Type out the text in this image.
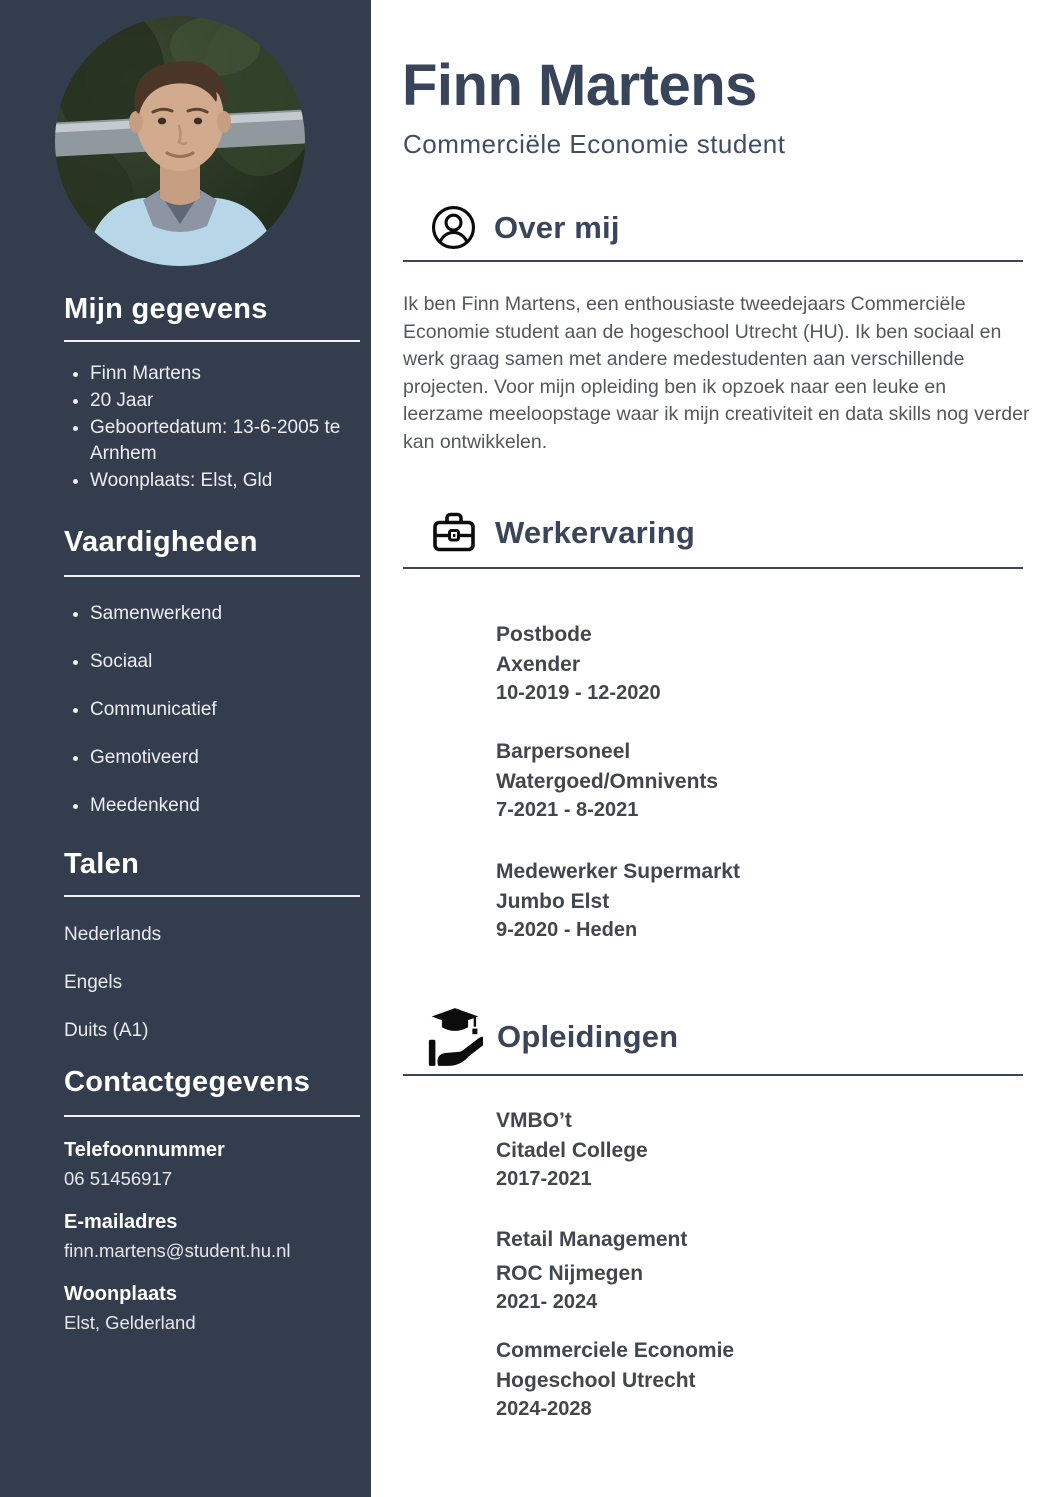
Mijn gegevens
• Finn Martens
• 20 Jaar
• Geboortedatum: 13-6-2005 te Arnhem
• Woonplaats: Elst, Gld
Vaardigheden
• Samenwerkend
• Sociaal
• Communicatief
• Gemotiveerd
• Meedenkend
Talen
Nederlands
Engels
Duits (A1)
Contactgegevens

Telefoonnummer

06 51456917

E-mailadres

finn.martens@student.hu.nl

Woonplaats

Elst, Gelderland

Finn Martens

Commerciële Economie student

Over mij

Ik ben Finn Martens, een enthousiaste tweedejaars Commerciële Economie student aan de hogeschool Utrecht (HU). Ik ben sociaal en werk graag samen met andere medestudenten aan verschillende projecten. Voor mijn opleiding ben ik opzoek naar een leuke en leerzame meeloopstage waar ik mijn creativiteit en data skills nog verder kan ontwikkelen.

Werkervaring

Postbode

Axender

10-2019 - 12-2020

Barpersoneel

Watergoed/Omnivents

7-2021 - 8-2021

Medewerker Supermarkt

Jumbo Elst

9-2020 - Heden

Opleidingen

VMBO’t

Citadel College

2017-2021

Retail Management

ROC Nijmegen

2021- 2024

Commerciele Economie

Hogeschool Utrecht

2024-2028
